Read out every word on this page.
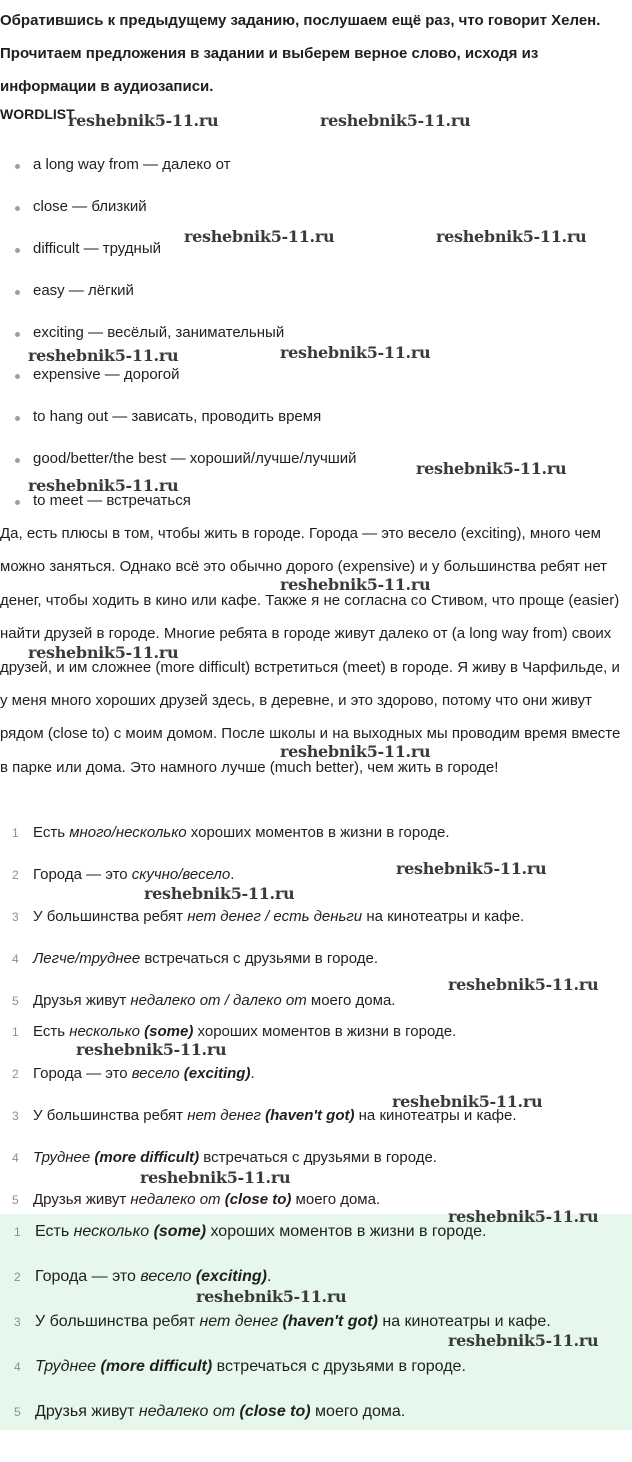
Обратившись к предыдущему заданию, послушаем ещё раз, что говорит Хелен. Прочитаем предложения в задании и выберем верное слово, исходя из информации в аудиозаписи.

WORDLIST

a long way from — далеко от
close — близкий
difficult — трудный
easy — лёгкий
exciting — весёлый, занимательный
expensive — дорогой
to hang out — зависать, проводить время
good/better/the best — хороший/лучше/лучший
to meet — встречаться

Да, есть плюсы в том, чтобы жить в городе. Города — это весело (exciting), много чем можно заняться. Однако всё это обычно дорого (expensive) и у большинства ребят нет денег, чтобы ходить в кино или кафе. Также я не согласна со Стивом, что проще (easier) найти друзей в городе. Многие ребята в городе живут далеко от (a long way from) своих друзей, и им сложнее (more difficult) встретиться (meet) в городе. Я живу в Чарфильде, и у меня много хороших друзей здесь, в деревне, и это здорово, потому что они живут рядом (close to) с моим домом. После школы и на выходных мы проводим время вместе в парке или дома. Это намного лучше (much better), чем жить в городе!

1 Есть много/несколько хороших моментов в жизни в городе.
2 Города — это скучно/весело.
3 У большинства ребят нет денег / есть деньги на кинотеатры и кафе.
4 Легче/труднее встречаться с друзьями в городе.
5 Друзья живут недалеко от / далеко от моего дома.
1 Есть несколько (some) хороших моментов в жизни в городе.
2 Города — это весело (exciting).
3 У большинства ребят нет денег (haven't got) на кинотеатры и кафе.
4 Труднее (more difficult) встречаться с друзьями в городе.
5 Друзья живут недалеко от (close to) моего дома.
1 Есть несколько (some) хороших моментов в жизни в городе.
2 Города — это весело (exciting).
3 У большинства ребят нет денег (haven't got) на кинотеатры и кафе.
4 Труднее (more difficult) встречаться с друзьями в городе.
5 Друзья живут недалеко от (close to) моего дома.
reshebnik5-11.ru	reshebnik5-11.ru
reshebnik5-11.ru	reshebnik5-11.ru
reshebnik5-11.ru	reshebnik5-11.ru
reshebnik5-11.ru
reshebnik5-11.ru
reshebnik5-11.ru
reshebnik5-11.ru
reshebnik5-11.ru
reshebnik5-11.ru
reshebnik5-11.ru
reshebnik5-11.ru
reshebnik5-11.ru
reshebnik5-11.ru
reshebnik5-11.ru
reshebnik5-11.ru
reshebnik5-11.ru
reshebnik5-11.ru
